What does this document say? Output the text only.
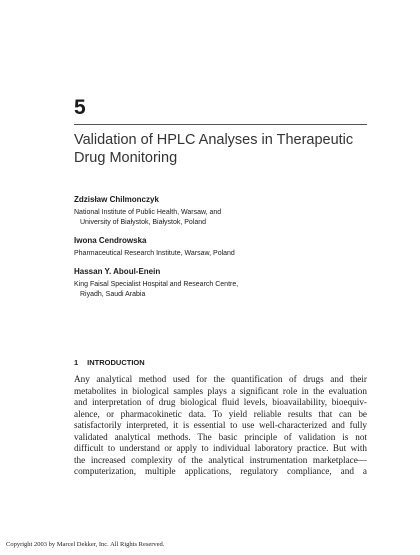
5
Validation of HPLC Analyses in Therapeutic
Drug Monitoring
Zdzisław Chilmonczyk
National Institute of Public Health, Warsaw, and
University of Białystok, Białystok, Poland
Iwona Cendrowska
Pharmaceutical Research Institute, Warsaw, Poland
Hassan Y. Aboul-Enein
King Faisal Specialist Hospital and Research Centre,
Riyadh, Saudi Arabia
1 INTRODUCTION
Any analytical method used for the quantification of drugs and their
metabolites in biological samples plays a significant role in the evaluation
and interpretation of drug biological fluid levels, bioavailability, bioequiv-
alence, or pharmacokinetic data. To yield reliable results that can be
satisfactorily interpreted, it is essential to use well-characterized and fully
validated analytical methods. The basic principle of validation is not
difficult to understand or apply to individual laboratory practice. But with
the increased complexity of the analytical instrumentation marketplace—
computerization, multiple applications, regulatory compliance, and a
Copyright 2003 by Marcel Dekker, Inc. All Rights Reserved.
